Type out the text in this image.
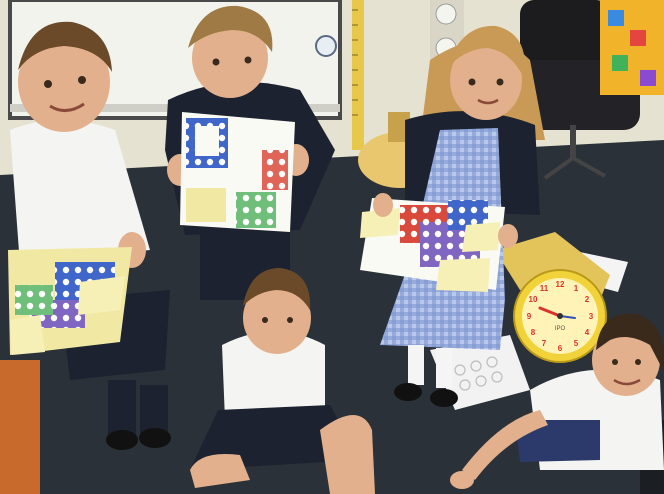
12 1
2
3
4
5
6
7
8
9
10
11
IPO
